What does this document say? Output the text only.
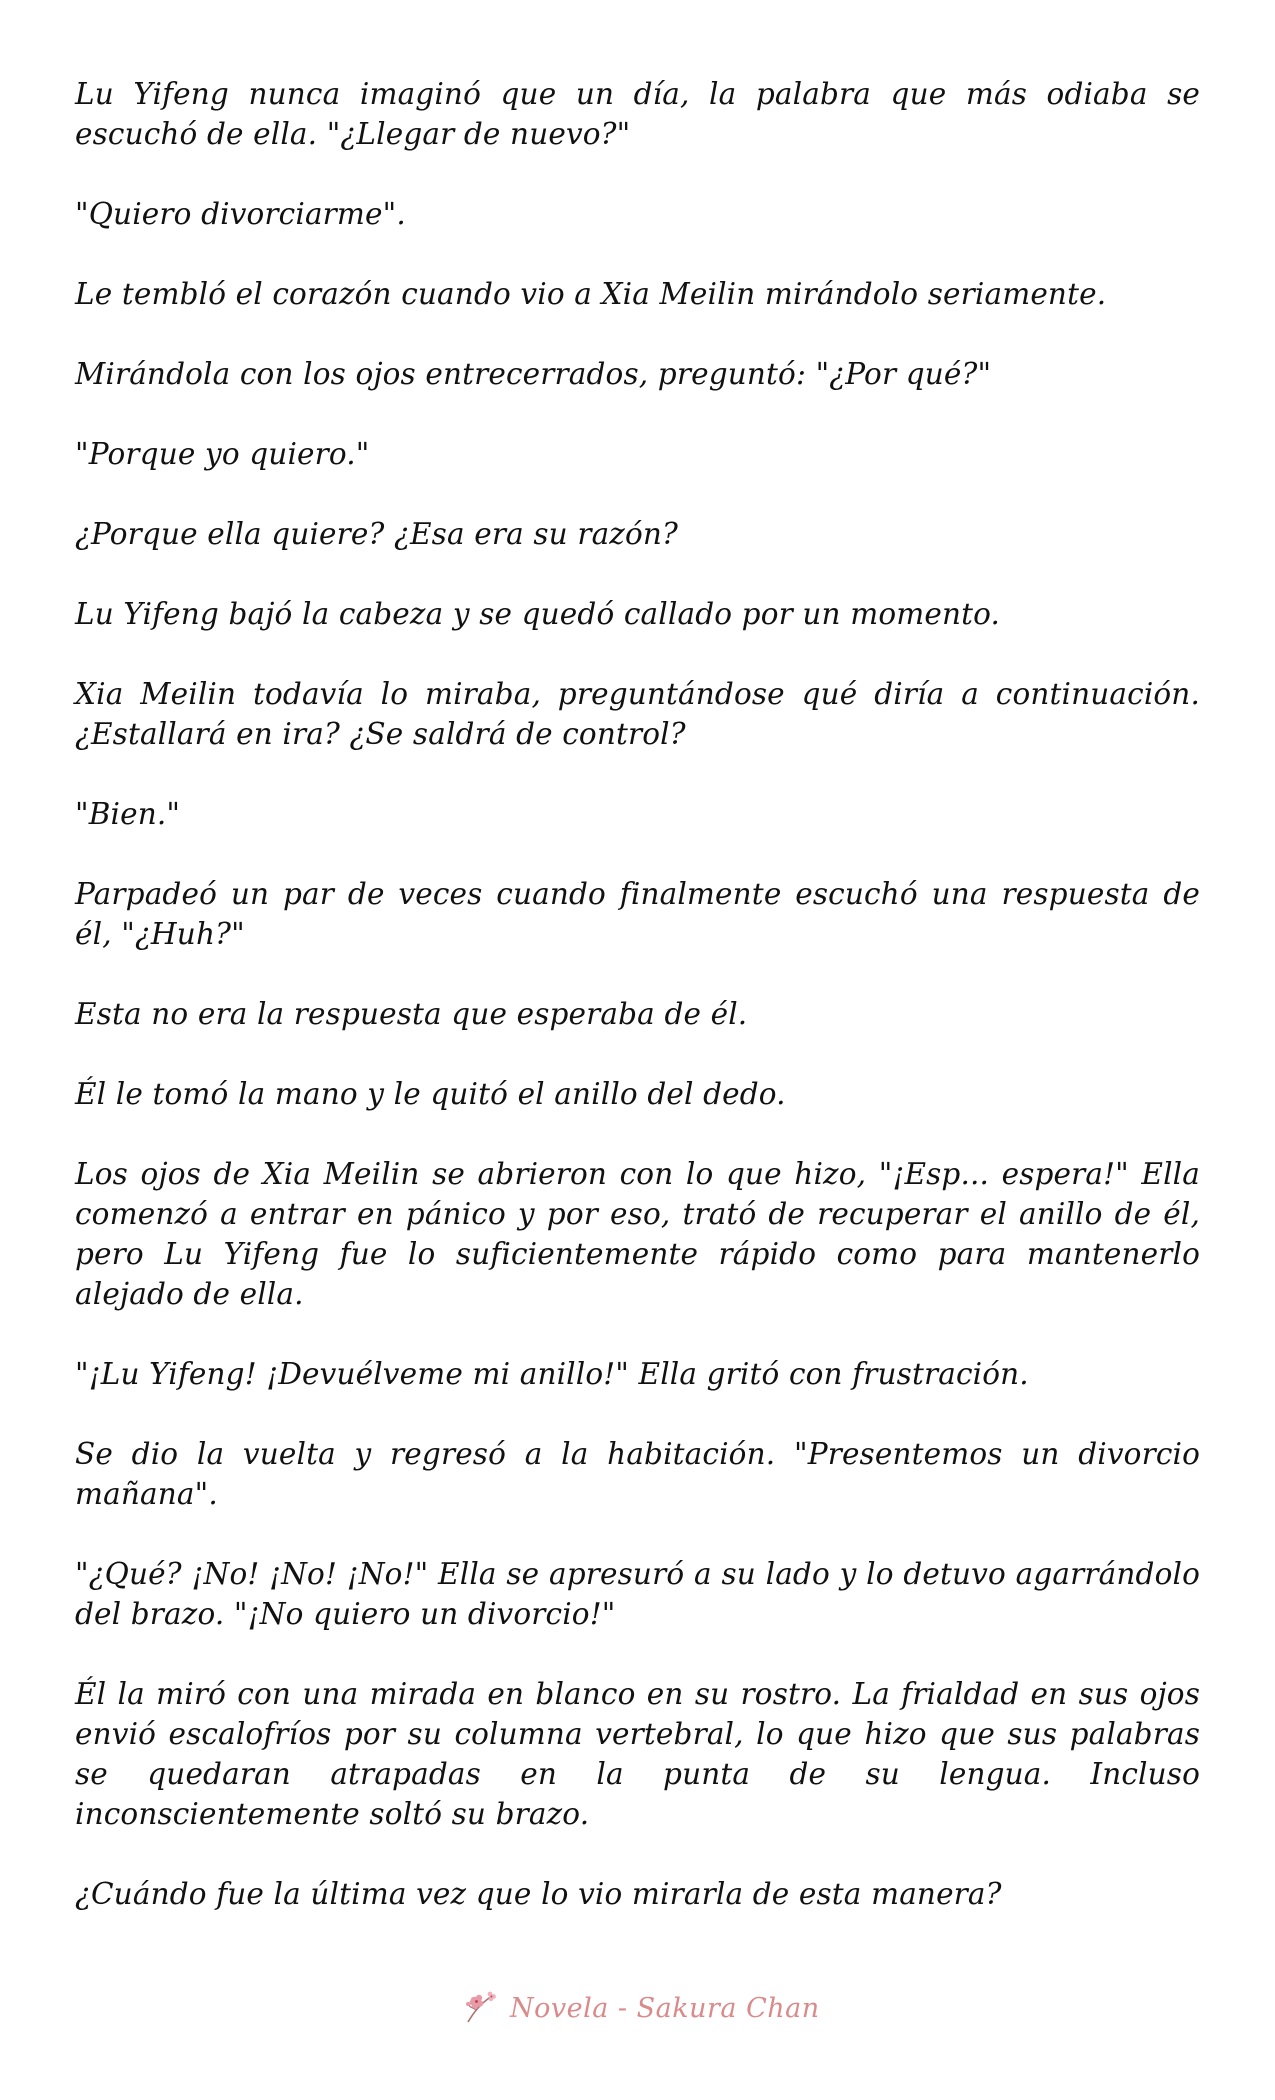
Lu Yifeng nunca imaginó que un día, la palabra que más odiaba se escuchó de ella. "¿Llegar de nuevo?"

"Quiero divorciarme".

Le tembló el corazón cuando vio a Xia Meilin mirándolo seriamente.

Mirándola con los ojos entrecerrados, preguntó: "¿Por qué?"

"Porque yo quiero."

¿Porque ella quiere? ¿Esa era su razón?

Lu Yifeng bajó la cabeza y se quedó callado por un momento.

Xia Meilin todavía lo miraba, preguntándose qué diría a continuación. ¿Estallará en ira? ¿Se saldrá de control?

"Bien."

Parpadeó un par de veces cuando finalmente escuchó una respuesta de él, "¿Huh?"

Esta no era la respuesta que esperaba de él.

Él le tomó la mano y le quitó el anillo del dedo.

Los ojos de Xia Meilin se abrieron con lo que hizo, "¡Esp... espera!" Ella comenzó a entrar en pánico y por eso, trató de recuperar el anillo de él, pero Lu Yifeng fue lo suficientemente rápido como para mantenerlo alejado de ella.

"¡Lu Yifeng! ¡Devuélveme mi anillo!" Ella gritó con frustración.

Se dio la vuelta y regresó a la habitación. "Presentemos un divorcio mañana".

"¿Qué? ¡No! ¡No! ¡No!" Ella se apresuró a su lado y lo detuvo agarrándolo del brazo. "¡No quiero un divorcio!"

Él la miró con una mirada en blanco en su rostro. La frialdad en sus ojos envió escalofríos por su columna vertebral, lo que hizo que sus palabras se quedaran atrapadas en la punta de su lengua. Incluso inconscientemente soltó su brazo.

¿Cuándo fue la última vez que lo vio mirarla de esta manera?

Novela - Sakura Chan
